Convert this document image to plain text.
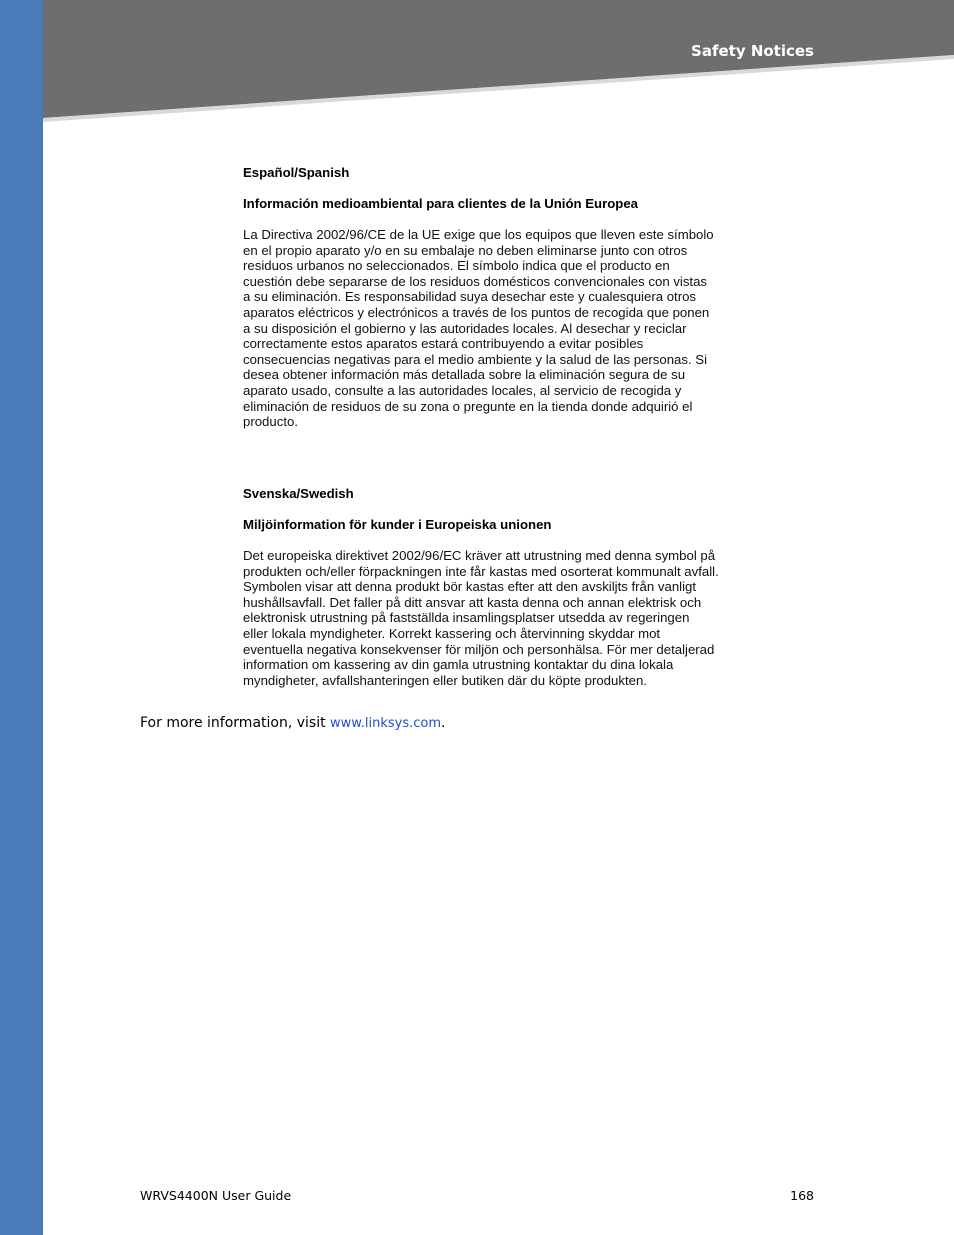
Safety Notices

Español/Spanish

Información medioambiental para clientes de la Unión Europea

La Directiva 2002/96/CE de la UE exige que los equipos que lleven este símbolo
en el propio aparato y/o en su embalaje no deben eliminarse junto con otros
residuos urbanos no seleccionados. El símbolo indica que el producto en
cuestión debe separarse de los residuos domésticos convencionales con vistas
a su eliminación. Es responsabilidad suya desechar este y cualesquiera otros
aparatos eléctricos y electrónicos a través de los puntos de recogida que ponen
a su disposición el gobierno y las autoridades locales. Al desechar y reciclar
correctamente estos aparatos estará contribuyendo a evitar posibles
consecuencias negativas para el medio ambiente y la salud de las personas. Si
desea obtener información más detallada sobre la eliminación segura de su
aparato usado, consulte a las autoridades locales, al servicio de recogida y
eliminación de residuos de su zona o pregunte en la tienda donde adquirió el
producto.

Svenska/Swedish

Miljöinformation för kunder i Europeiska unionen

Det europeiska direktivet 2002/96/EC kräver att utrustning med denna symbol på
produkten och/eller förpackningen inte får kastas med osorterat kommunalt avfall.
Symbolen visar att denna produkt bör kastas efter att den avskiljts från vanligt
hushållsavfall. Det faller på ditt ansvar att kasta denna och annan elektrisk och
elektronisk utrustning på fastställda insamlingsplatser utsedda av regeringen
eller lokala myndigheter. Korrekt kassering och återvinning skyddar mot
eventuella negativa konsekvenser för miljön och personhälsa. För mer detaljerad
information om kassering av din gamla utrustning kontaktar du dina lokala
myndigheter, avfallshanteringen eller butiken där du köpte produkten.
For more information, visit www.linksys.com.
WRVS4400N User Guide	168
